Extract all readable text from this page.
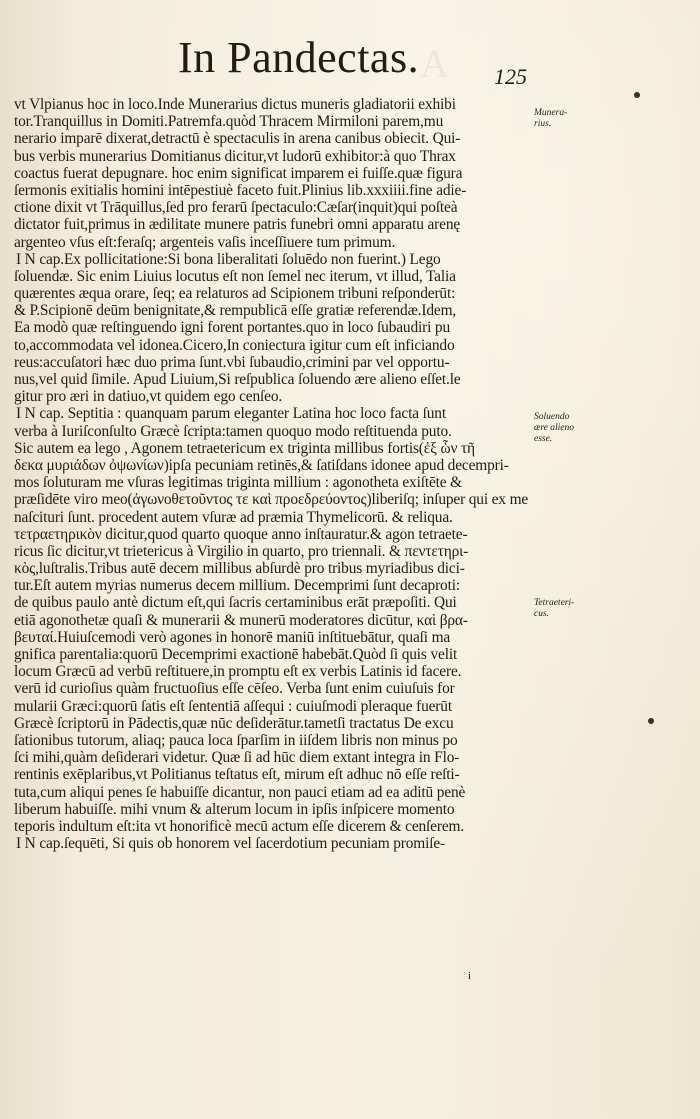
A
In Pandectas.	125
vt Vlpianus hoc in loco.Inde Munerarius dictus muneris gladiatorii exhibi
tor.Tranquillus in Domiti.Patremfa.quòd Thracem Mirmiloni parem,mu
nerario imparē dixerat,detractū è spectaculis in arena canibus obiecit. Qui-
bus verbis munerarius Domitianus dicitur,vt ludorū exhibitor:à quo Thrax
coactus fuerat depugnare. hoc enim significat imparem ei fuiſſe.quæ figura
ſermonis exitialis homini intēpestiuè faceto fuit.Plinius lib.xxxiiii.fine adie-
ctione dixit vt Trāquillus,ſed pro ferarū ſpectaculo:Cæſar(inquit)qui poſteà
dictator fuit,primus in ædilitate munere patris funebri omni apparatu arenę
argenteo vſus eſt:feraſq; argenteis vaſis inceſſiuere tum primum.
I N cap.Ex pollicitatione:Si bona liberalitati ſoluēdo non fuerint.) Lego
ſoluendæ. Sic enim Liuius locutus eſt non ſemel nec iterum, vt illud, Talia
quærentes æqua orare, ſeq; ea relaturos ad Scipionem tribuni reſponderūt:
& P.Scipionē deūm benignitate,& rempublicā eſſe gratiæ referendæ.Idem,
Ea modò quæ reſtinguendo igni forent portantes.quo in loco ſubaudiri pu
to,accommodata vel idonea.Cicero,In coniectura igitur cum eſt inficiando
reus:accuſatori hæc duo prima ſunt.vbi ſubaudio,crimini par vel opportu-
nus,vel quid ſimile. Apud Liuium,Si reſpublica ſoluendo ære alieno eſſet.le
gitur pro æri in datiuo,vt quidem ego cenſeo.
I N cap. Septitia : quanquam parum eleganter Latina hoc loco facta ſunt
verba à Iuriſconſulto Græcè ſcripta:tamen quoquo modo reſtituenda puto.
Sic autem ea lego , Agonem tetraetericum ex triginta millibus fortis(ἐξ ὧν τῆ
δεκα μυριάδων ὀψωνίων)ipſa pecuniam retinēs,& ſatiſdans idonee apud decempri-
mos ſoluturam me vſuras legitimas triginta millium : agonotheta exiſtēte &
præſidēte viro meo(ἀγωνοθετοῦντος τε καὶ προεδρεύοντος)liberiſq; inſuper qui ex me
naſcituri ſunt. procedent autem vſuræ ad præmia Thymelicorū. & reliqua.
τετραετηρικὸν dicitur,quod quarto quoque anno inſtauratur.& agon tetraete-
ricus ſic dicitur,vt trietericus à Virgilio in quarto, pro triennali. & πεντετηρι-
κὸς,luſtralis.Tribus autē decem millibus abſurdè pro tribus myriadibus dici-
tur.Eſt autem myrias numerus decem millium. Decemprimi ſunt decaproti:
de quibus paulo antè dictum eſt,qui ſacris certaminibus erāt præpoſiti. Qui
etiā agonothetæ quaſi & munerarii & munerū moderatores dicūtur, καὶ βρα-
βευταί.Huiuſcemodi verò agones in honorē maniū inſtituebātur, quaſi ma
gnifica parentalia:quorū Decemprimi exactionē habebāt.Quòd ſi quis velit
locum Græcū ad verbū reſtituere,in promptu eſt ex verbis Latinis id facere.
verū id curioſius quàm fructuoſius eſſe cēſeo. Verba ſunt enim cuiuſuis for
mularii Græci:quorū ſatis eſt ſententiā aſſequi : cuiuſmodi pleraque fuerūt
Græcè ſcriptorū in Pādectis,quæ nūc deſiderātur.tametſi tractatus De excu
ſationibus tutorum, aliaq; pauca loca ſparſim in iiſdem libris non minus po
ſci mihi,quàm deſiderari videtur. Quæ ſi ad hūc diem extant integra in Flo-
rentinis exēplaribus,vt Politianus teſtatus eſt, mirum eſt adhuc nō eſſe reſti-
tuta,cum aliqui penes ſe habuiſſe dicantur, non pauci etiam ad ea aditū penè
liberum habuiſſe. mihi vnum & alterum locum in ipſis inſpicere momento
teporis indultum eſt:ita vt honorificè mecū actum eſſe dicerem & cenſerem.
I N cap.ſequēti, Si quis ob honorem vel ſacerdotium pecuniam promiſe-
Munera-
rius.
Soluendo
ære alieno
esse.
Tetraeteri-
cus.
i
